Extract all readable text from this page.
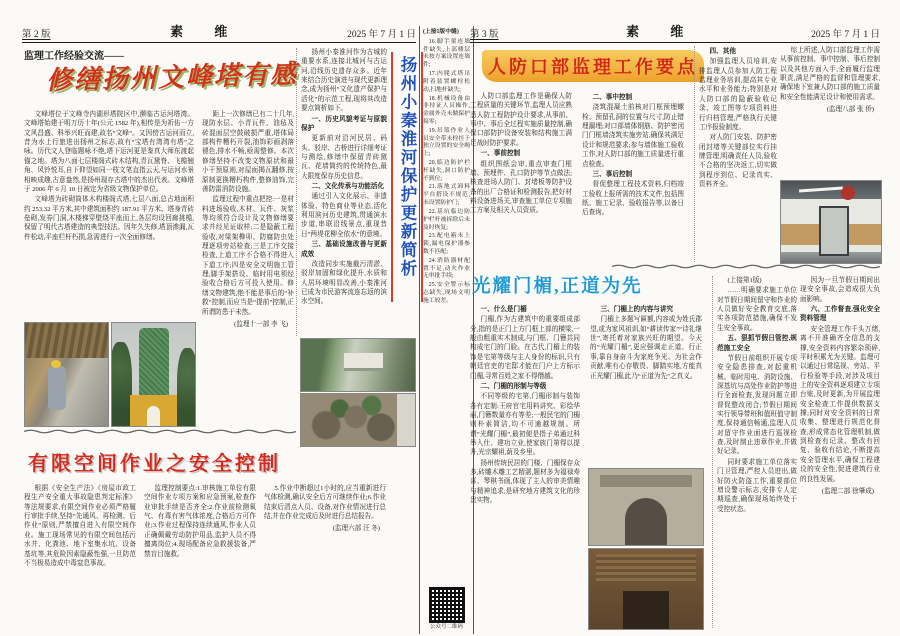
第 2 版	素 维	2025 年 7 月 1 日
监理工作经验交流——
修缮扬州文峰塔有感
文峰塔位于文峰寺内湖形塔院区中,濒临古运河塔湾。文峰塔始建于明万历十年(公元 1582 年),相传是为祈佑一方文风昌盛、科举兴旺而建,故名“文峰”。又因傍古运河而立,昔为水上行旅进出扬州之标志,故有“宝塔有湾湾有塔”之咏。历代文人登临题咏不绝,塔下运河更是鉴真大师东渡起锚之地。塔为八面七层楼阁式砖木结构,青瓦黛脊、飞檐翘角、风铃悦耳,自下仰望如同一枝文笔直指云天,与运河水景相映成趣,古意盎然,是扬州现存古塔中的杰出代表。文峰塔于 2006 年 6 月 10 日被定为省级文物保护单位。
文峰塔为砖砌筒体木构楼阁式塔,七层八面,总占地面积约 253.32 平方米,其中建筑面积约 187.91 平方米。塔身青砖垒砌,发券门洞,木楼梯穿壁绕平座而上,各层均设回廊挑檐,保留了明代古塔建造的典型技法。因年久失修,塔顶渗漏,瓦件松动,平座栏杆朽损,急需进行一次全面修缮。
距上一次修缮已有二十几年,现防水层、小青瓦件、油毡及砖混面层空鼓破损严重,塔体局部构件糟朽开裂,油饰彩画剥落褪色,排水不畅,亟需整修。本次修缮坚持不改变文物原状和最小干预原则,对屋面揭瓦翻修,按原制更换糟朽构件,整修油饰,完善防雷消防设施。
监理过程中重点把控:一是材料进场验收,木材、瓦件、灰浆等均须符合设计及文物修缮要求并经见证取样;二是隐蔽工程验收,对梁架榫卯、防腐防虫处理逐项旁站检查;三是工序交接检查,上道工序不合格不得进入下道工序;四是安全文明施工管理,脚手架搭设、临时用电须经验收合格后方可投入使用。修缮文物建筑,绝不能是事后的“补救”控制,而应当是“提前”控制,正所谓防患于未然。
(监理十一部 李 飞)
扬州小秦淮河作为古城的重要水系,连接北城河与古运河,沿线历史遗存众多。近年来结合历史演进与现代更新理念,成为扬州“文化遗产保护与活化”的示范工程,现将其改造要点简析如下。
一、历史风貌考证与原貌保护
更新前对沿河民居、码头、驳岸、古桥进行详细考证与测绘,修缮中保留青砖黛瓦、花墙简约的传统特色,最大限度保存历史信息。
二、文化传承与功能活化
通过引入文化展示、非遗体验、特色商业等业态,活化利用滨河历史建筑,贯通滨水步道,串联沿线景点,重现昔日“两堤花柳全依水”的意境。
三、基础设施改善与更新成效
改造同步实施截污清淤、驳岸加固和绿化提升,水质和人居环境明显改善,小秦淮河已成为市民游客流连忘返的滨水空间。
扬州小秦淮河保护更新简析
有限空间作业之安全控制
根据《安全生产法》《房屋市政工程生产安全重大事故隐患判定标准》等法规要求,有限空间作业必须严格履行审批手续,坚持“先通风、再检测、后作业”原则,严禁擅自进入有限空间作业。施工现场常见的有限空间包括污水井、化粪池、地下室集水坑、设备基坑等,其危险因素隐蔽性强,一旦防范不当极易造成中毒窒息事故。
监理控制要点:1.审核施工单位有限空间作业专项方案和应急预案,检查作业审批手续是否齐全;2.作业前检测氧气、有毒有害气体浓度,合格后方可作业;3.作业过程保持连续通风,作业人员正确佩戴劳动防护用品,监护人员不得擅离岗位;4.现场配备应急救援装备,严禁盲目施救。
5.作业中断超过1小时的,应当重新进行气体检测,确认安全后方可继续作业;6.作业结束后清点人员、设备,对作业情况进行总结,并在作业完成后及时进行总结报告。
(监理六部 汪 冬)
(上接1版中缝)
16.脚手架连墙件缺失,上部楼层未按方案设置连墙件;
17.内爬式塔吊附着装置螺栓松动,扫地杆缺失;
18.机械设备由非持证人员操作,金属外壳未做保护接零;
19.吊篮作业人员安全带未栓挂于独立设置的安全绳上;
20.临边防护栏杆缺失,洞口防护不到位;
21.落地式卸料平台搭设不规范,未设置防护门;
22.基坑临边防护栏杆被拆除后未及时恢复;
23.配电箱未上锁,漏电保护器参数不匹配;
24.消防器材配置不足,动火作业无审批手续;
25.安全警示标志缺失,现场文明施工较差。
公众号二维码
第 3 版	素 维	2025 年 7 月 1 日
人防口部监理工作要点
人防口部监理工作是确保人防工程质量的关键环节,监理人员应熟悉人防工程防护设计要求,从事前、事中、事后全过程实施质量控制,确保口部防护设备安装和结构施工满足战时防护要求。
一、事前控制
组织图纸会审,重点审查门框墙、预埋件、孔口防护等节点做法;核查进场人防门、封堵板等防护设备的出厂合格证和检测报告,把好材料设备进场关,审查施工单位专项施工方案及相关人员资质。
二、事中控制
浇筑混凝土前核对门框预埋螺栓、预留孔洞的位置与尺寸,防止错埋漏埋;对口部墙体钢筋、防护密闭门门框墙浇筑实施旁站,确保其满足设计和规范要求;参与墙体施工验收工作,对人防口部的施工质量进行重点检查。
三、事后控制
督促整理工程技术资料,归档竣工验收上报所需的技术文件,包括图纸、施工记录、验收报告等,以备日后查询。
四、其他
加强监理人员培训,安排监理人员参加人防工程监理业务培训,提高其专业水平和业务能力;特别是对人防口部的隐蔽验收记录、竣工图等专项资料进行归档管理,严格执行关键工序报验制度。
对人防门安装、防护密闭封堵等关键部位实行挂牌管理,明确责任人员,验收不合格的坚决返工,切实做到程序到位、记录真实、资料齐全。
综上所述,人防口部监理工作需从事前控制、事中控制、事后控制以及其他方面入手,全面履行监理职责,满足严格的监督和管理要求,确保地下室兼人防口部的施工质量和安全性能满足设计和使用需求。
(监理八部 张 侨)
光耀门楣,正道为先
一、什么是门楣
门楣,作为古建筑中的重要组成部分,指的是正门上方门框上部的横梁,一般由粗重实木制成,与门框、门簪共同构成宅门的门脸。在古代,门楣上的装饰是宅第等级与主人身份的标识,只有朝廷官吏的宅邸才能在门户上方标示门楣,寻常百姓之家不得僭越。
二、门楣的形制与等级
不同等级的宅第,门楣形制与装饰各有定制:王府官宅用料讲究、彩绘华丽,门簪数量亦有等差;一般民宅的门楣则朴素简洁,均不可逾越规制。所谓“光耀门楣”,最初便是指子弟通过科举入仕、建功立业,使家族门第得以提升,光宗耀祖,荫及乡里。
扬州传统民居的门楼、门楣保存众多,砖雕木雕工艺精湛,题材多为福禄寿喜、琴棋书画,体现了主人的审美情趣与精神追求,是研究地方建筑文化的珍贵实物。
三、门楣上的内容与讲究
门楣上多题写匾额,内容或为姓氏郡望,或为家风祖训,如“耕读传家”“诗礼继世”,寄托着对家族兴旺的期望。今天的“光耀门楣”,更应强调走正道、行正事,靠自身奋斗为家庭争光、为社会作贡献,唯有心存敬畏、脚踏实地,方能真正光耀门楣,此乃“正道为先”之真义。
(上接第1版)
……明确要求施工单位对节假日期间留守和作业的人员做好安全教育交底,落实各项防范措施,确保不发生安全事故。
五、狠抓节假日管控,规范施工安全
节假日前组织开展专项安全隐患排查,对起重机械、临时用电、消防设施、深基坑与高处作业防护等进行全面检查,发现问题立即督促整改闭合;节假日期间实行领导带班和值班值守制度,保持通信畅通,监理人员对留守作业面进行巡视检查,及时制止违章作业,并做好记录。
同时要求施工单位落实门卫管理,严控人员进出,做好防火防盗工作,重要部位增设警示标志,安排专人定期巡查,确保现场始终处于受控状态。
因为一旦节假日期间出现安全事故,会造成很大负面影响。
六、工作督查,强化安全资料管理
安全管理工作千头万绪,离不开准确齐全信息的支撑,安全资料内容繁杂琐碎,平时积累尤为关键。监理可以通过日常巡视、旁站、平行检验等手段,对涉及项目上的安全资料逐项建立专项台账,及时更新,为开展监理安全检查工作提供数据支撑;同时对安全资料的日常收集、整理进行规范化督查,形成常态化管理机制,做到检查有记录、整改有回复、验收有结论,不断提高安全管理水平,确保工程建设的安全性,促进建筑行业的良性发展。
(监理二部 徐肇成)
